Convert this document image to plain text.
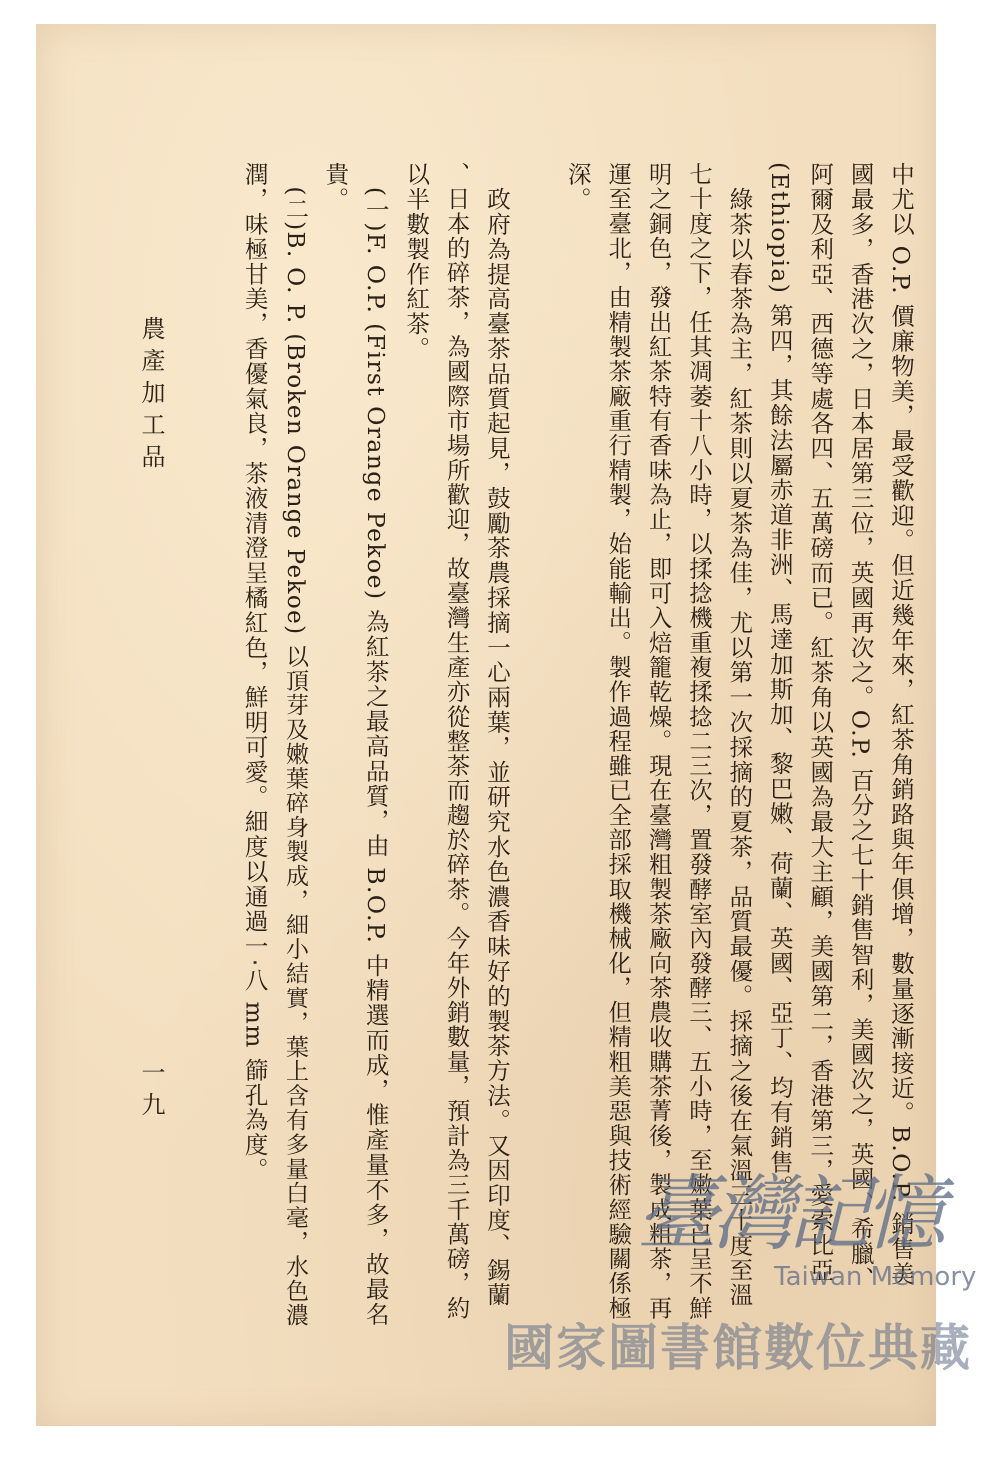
中尤以 O.P. 價廉物美，最受歡迎。但近幾年來，紅茶角銷路與年俱增，數量逐漸接近。B.O.P. 銷售美
國最多，香港次之，日本居第三位，英國再次之。O.P. 百分之七十銷售智利，美國次之，英國、希臘、
阿爾及利亞、西德等處各四、五萬磅而已。紅茶角以英國為最大主顧，美國第二，香港第三，愛索比亞
(Ethiopia) 第四，其餘法屬赤道非洲、馬達加斯加、黎巴嫩、荷蘭、英國、亞丁、均有銷售。
　綠茶以春茶為主，紅茶則以夏茶為佳，尤以第一次採摘的夏茶，品質最優。採摘之後在氣溫三十度至溫
七十度之下，任其凋萎十八小時，以揉捻機重複揉捻二三次，置發酵室內發酵三、五小時，至嫩葉已呈不鮮
明之銅色，發出紅茶特有香味為止，即可入焙籠乾燥。現在臺灣粗製茶廠向茶農收購茶菁後，製成粗茶，再
運至臺北，由精製茶廠重行精製，始能輸出。製作過程雖已全部採取機械化，但精粗美惡與技術經驗關係極
深。
　政府為提高臺茶品質起見，鼓勵茶農採摘一心兩葉，並研究水色濃香味好的製茶方法。又因印度、錫蘭
、日本的碎茶，為國際市場所歡迎，故臺灣生產亦從整茶而趨於碎茶。今年外銷數量，預計為三千萬磅，約
以半數製作紅茶。
　(一)F. O.P. (First Orange Pekoe) 為紅茶之最高品質，由 B.O.P. 中精選而成，惟產量不多，故最名
貴。
　(二)B. O. P. (Broken Orange Pekoe) 以頂芽及嫩葉碎身製成，細小結實，葉上含有多量白毫，水色濃
潤，味極甘美，香優氣良，茶液清澄呈橘紅色，鮮明可愛。細度以通過一‧八 mm 篩孔為度。
農產加工品
一九
臺灣記憶
Taiwan Memory
國家圖書館數位典藏
